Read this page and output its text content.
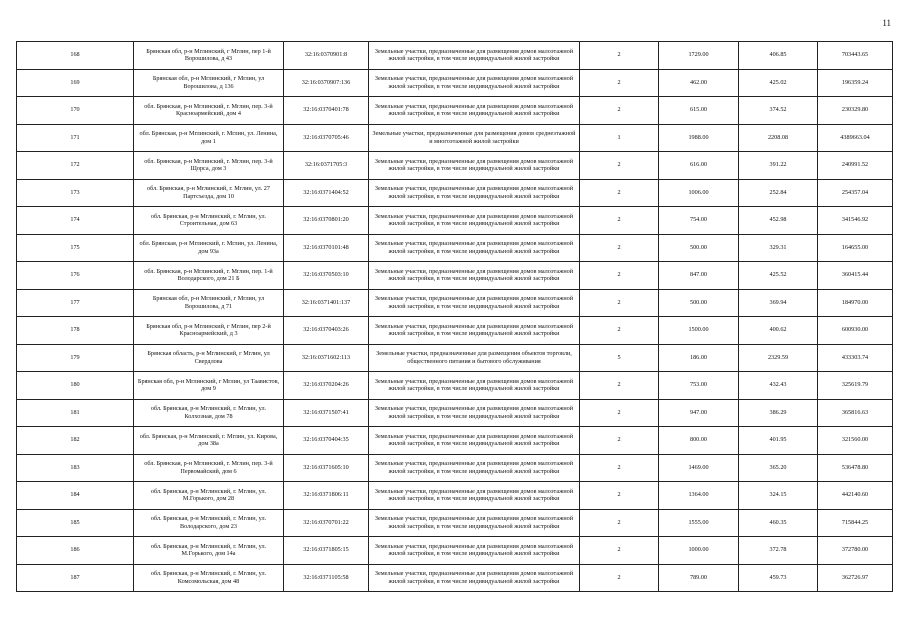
11
168	Брянская обл, р-н Мглинский, г Мглин, пер 1-й Ворошилова, д 43	32:16:0370901:8	Земельные участки, предназначенные для размещения домов малоэтажной жилой застройки, в том числе индивидуальной жилой застройки	2	1729.00	406.85	703443.65
169	Брянская обл, р-н Мглинский, г Мглин, ул Ворошилова, д 136	32:16:0370907:136	Земельные участки, предназначенные для размещения домов малоэтажной жилой застройки, в том числе индивидуальной жилой застройки	2	462.00	425.02	196359.24
170	обл. Брянская, р-н Мглинский, г. Мглин, пер. 3-й Красноармейский, дом 4	32:16:0370401:78	Земельные участки, предназначенные для размещения домов малоэтажной жилой застройки, в том числе индивидуальной жилой застройки	2	615.00	374.52	230329.80
171	обл. Брянская, р-н Мглинский, г. Мглин, ул. Ленина, дом 1	32:16:0370705:46	Земельные участки, предназначенные для размещения домов среднеэтажной и многоэтажной жилой застройки	1	1988.00	2208.08	4389663.04
172	обл. Брянская, р-н Мглинский, г. Мглин, пер. 3-й Щорса, дом 3	32:16:0371705:3	Земельные участки, предназначенные для размещения домов малоэтажной жилой застройки, в том числе индивидуальной жилой застройки	2	616.00	391.22	240991.52
173	обл. Брянская, р-н Мглинский, г. Мглин, ул. 27 Партсъезда, дом 10	32:16:0371404:52	Земельные участки, предназначенные для размещения домов малоэтажной жилой застройки, в том числе индивидуальной жилой застройки	2	1006.00	252.84	254357.04
174	обл. Брянская, р-н Мглинский, г. Мглин, ул. Строительная, дом 63	32:16:0370801:20	Земельные участки, предназначенные для размещения домов малоэтажной жилой застройки, в том числе индивидуальной жилой застройки	2	754.00	452.98	341546.92
175	обл. Брянская, р-н Мглинский, г. Мглин, ул. Ленина, дом 93а	32:16:0370101:48	Земельные участки, предназначенные для размещения домов малоэтажной жилой застройки, в том числе индивидуальной жилой застройки	2	500.00	329.31	164655.00
176	обл. Брянская, р-н Мглинский, г. Мглин, пер. 1-й Володарского, дом 21 Б	32:16:0370503:10	Земельные участки, предназначенные для размещения домов малоэтажной жилой застройки, в том числе индивидуальной жилой застройки	2	847.00	425.52	360415.44
177	Брянская обл, р-н Мглинский, г Мглин, ул Ворошилова, д 71	32:16:0371401:137	Земельные участки, предназначенные для размещения домов малоэтажной жилой застройки, в том числе индивидуальной жилой застройки	2	500.00	369.94	184970.00
178	Брянская обл, р-н Мглинский, г Мглин, пер 2-й Красноармейский, д 3	32:16:0370403:26	Земельные участки, предназначенные для размещения домов малоэтажной жилой застройки, в том числе индивидуальной жилой застройки	2	1500.00	400.62	600930.00
179	Брянская область, р-н Мглинский, г Мглин, ул Свердлова	32:16:0371602:113	Земельные участки, предназначенные для размещения объектов торговли, общественного питания и бытового обслуживания	5	186.00	2329.59	433303.74
180	Брянская обл, р-н Мглинский, г Мглин, ул Таавистов, дом 9	32:16:0370204:26	Земельные участки, предназначенные для размещения домов малоэтажной жилой застройки, в том числе индивидуальной жилой застройки	2	753.00	432.43	325619.79
181	обл. Брянская, р-н Мглинский, г. Мглин, ул. Колхозная, дом 78	32:16:0371507:41	Земельные участки, предназначенные для размещения домов малоэтажной жилой застройки, в том числе индивидуальной жилой застройки	2	947.00	386.29	365816.63
182	обл. Брянская, р-н Мглинский, г. Мглин, ул. Кирова, дом 38а	32:16:0370404:35	Земельные участки, предназначенные для размещения домов малоэтажной жилой застройки, в том числе индивидуальной жилой застройки	2	800.00	401.95	321560.00
183	обл. Брянская, р-н Мглинский, г. Мглин, пер. 3-й Первомайский, дом 6	32:16:0371605:10	Земельные участки, предназначенные для размещения домов малоэтажной жилой застройки, в том числе индивидуальной жилой застройки	2	1469.00	365.20	536478.80
184	обл. Брянская, р-н Мглинский, г. Мглин, ул. М.Горького, дом 28	32:16:0371806:11	Земельные участки, предназначенные для размещения домов малоэтажной жилой застройки, в том числе индивидуальной жилой застройки	2	1364.00	324.15	442140.60
185	обл. Брянская, р-н Мглинский, г. Мглин, ул. Володарского, дом 23	32:16:0370701:22	Земельные участки, предназначенные для размещения домов малоэтажной жилой застройки, в том числе индивидуальной жилой застройки	2	1555.00	460.35	715844.25
186	обл. Брянская, р-н Мглинский, г. Мглин, ул. М.Горького, дом 14а	32:16:0371805:15	Земельные участки, предназначенные для размещения домов малоэтажной жилой застройки, в том числе индивидуальной жилой застройки	2	1000.00	372.78	372780.00
187	обл. Брянская, р-н Мглинский, г. Мглин, ул. Комсомольская, дом 48	32:16:0371105:58	Земельные участки, предназначенные для размещения домов малоэтажной жилой застройки, в том числе индивидуальной жилой застройки	2	789.00	459.73	362726.97
